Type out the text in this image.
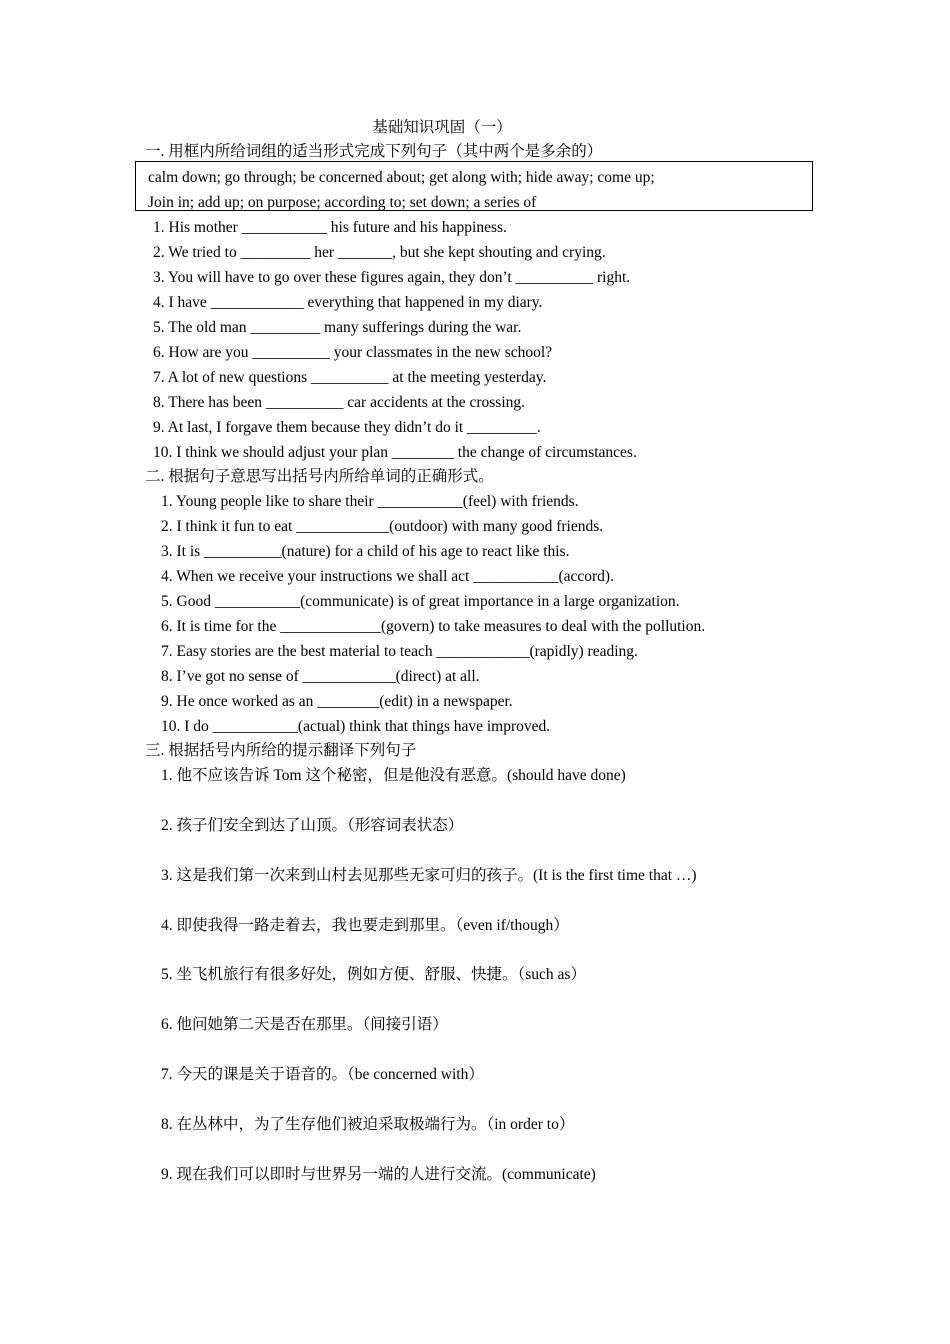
基础知识巩固（一）
一. 用框内所给词组的适当形式完成下列句子（其中两个是多余的）
calm down; go through; be concerned about; get along with; hide away; come up;
Join in; add up; on purpose; according to; set down; a series of
1. His mother ___________ his future and his happiness.
2. We tried to _________ her _______, but she kept shouting and crying.
3. You will have to go over these figures again, they don’t __________ right.
4. I have ____________ everything that happened in my diary.
5. The old man _________ many sufferings during the war.
6. How are you __________ your classmates in the new school?
7. A lot of new questions __________ at the meeting yesterday.
8. There has been __________ car accidents at the crossing.
9. At last, I forgave them because they didn’t do it _________.
10. I think we should adjust your plan ________ the change of circumstances.
二. 根据句子意思写出括号内所给单词的正确形式。
1. Young people like to share their ___________(feel) with friends.
2. I think it fun to eat ____________(outdoor) with many good friends.
3. It is __________(nature) for a child of his age to react like this.
4. When we receive your instructions we shall act ___________(accord).
5. Good ___________(communicate) is of great importance in a large organization.
6. It is time for the _____________(govern) to take measures to deal with the pollution.
7. Easy stories are the best material to teach ____________(rapidly) reading.
8. I’ve got no sense of ____________(direct) at all.
9. He once worked as an ________(edit) in a newspaper.
10. I do ___________(actual) think that things have improved.
三. 根据括号内所给的提示翻译下列句子
1. 他不应该告诉 Tom 这个秘密，但是他没有恶意。(should have done)
2. 孩子们安全到达了山顶。（形容词表状态）
3. 这是我们第一次来到山村去见那些无家可归的孩子。(It is the first time that …)
4. 即使我得一路走着去，我也要走到那里。（even if/though）
5. 坐飞机旅行有很多好处，例如方便、舒服、快捷。（such as）
6. 他问她第二天是否在那里。（间接引语）
7. 今天的课是关于语音的。（be concerned with）
8. 在丛林中，为了生存他们被迫采取极端行为。（in order to）
9. 现在我们可以即时与世界另一端的人进行交流。(communicate)
